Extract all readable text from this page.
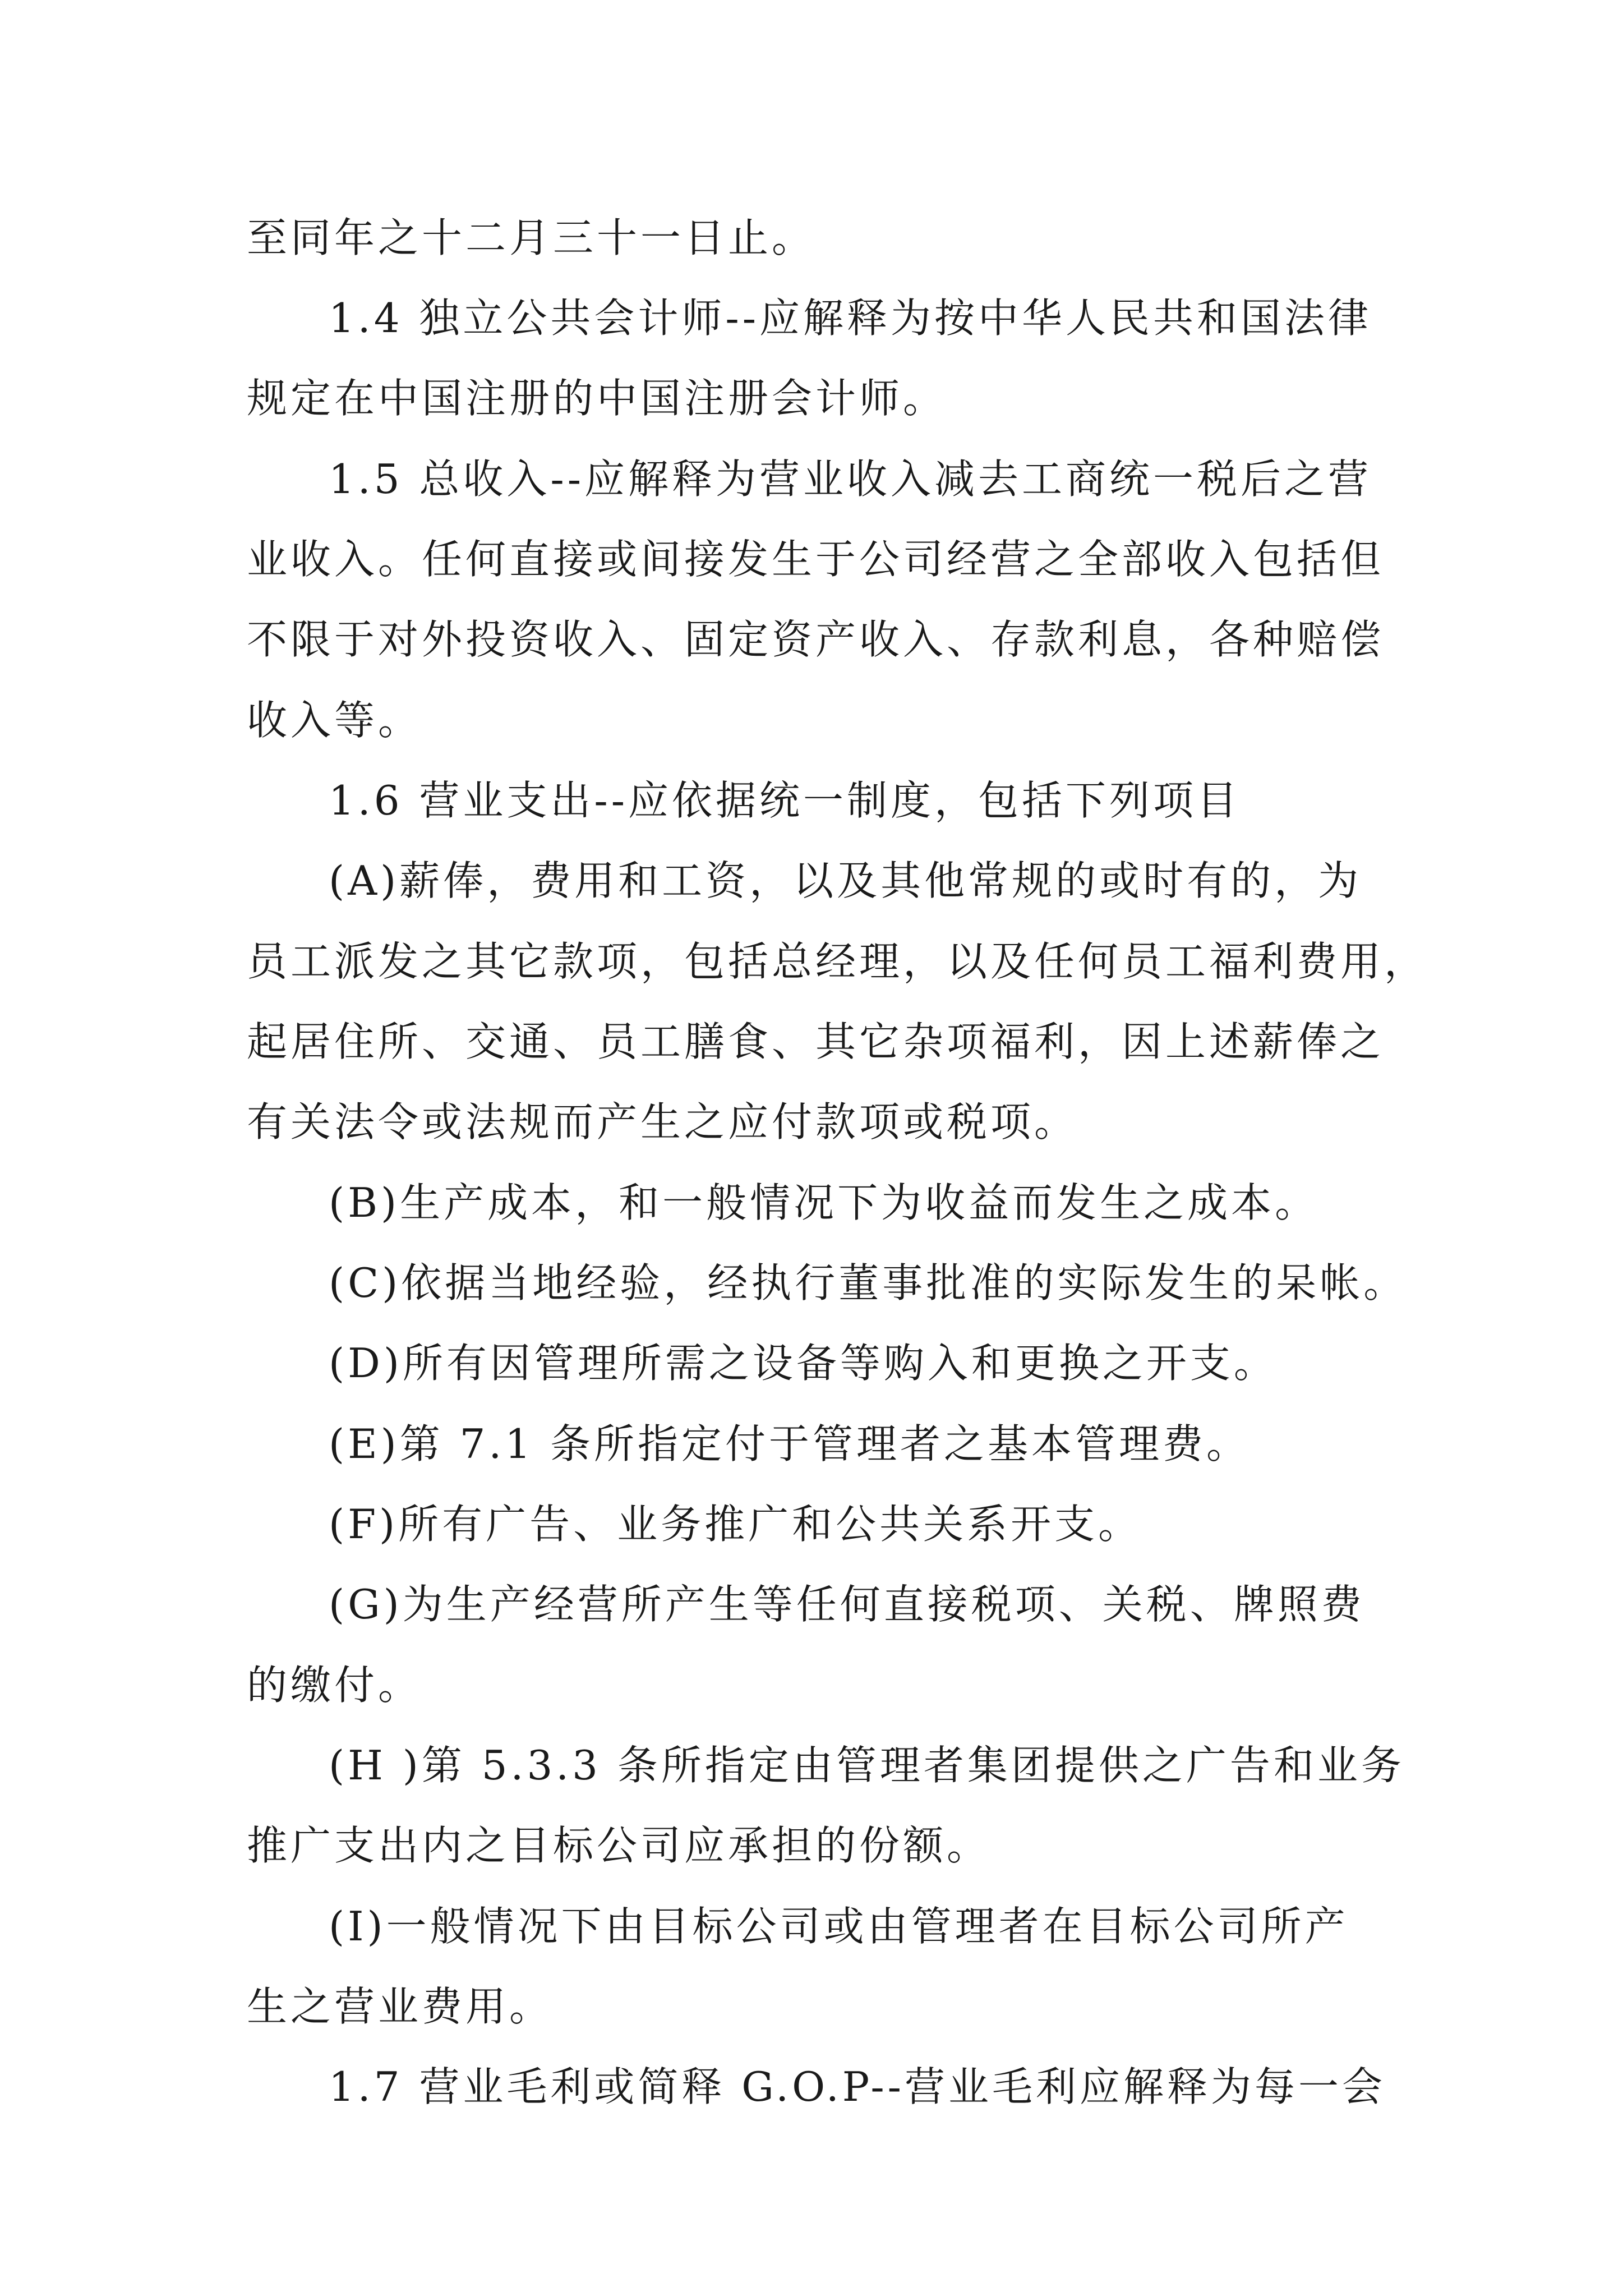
至同年之十二月三十一日止。
1.4 独立公共会计师--应解释为按中华人民共和国法律
规定在中国注册的中国注册会计师。
1.5 总收入--应解释为营业收入减去工商统一税后之营
业收入。任何直接或间接发生于公司经营之全部收入包括但
不限于对外投资收入、固定资产收入、存款利息，各种赔偿
收入等。
1.6 营业支出--应依据统一制度，包括下列项目
(A)薪俸，费用和工资，以及其他常规的或时有的，为
员工派发之其它款项，包括总经理，以及任何员工福利费用，
起居住所、交通、员工膳食、其它杂项福利，因上述薪俸之
有关法令或法规而产生之应付款项或税项。
(B)生产成本，和一般情况下为收益而发生之成本。
(C)依据当地经验，经执行董事批准的实际发生的呆帐。
(D)所有因管理所需之设备等购入和更换之开支。
(E)第 7.1 条所指定付于管理者之基本管理费。
(F)所有广告、业务推广和公共关系开支。
(G)为生产经营所产生等任何直接税项、关税、牌照费
的缴付。
(H )第 5.3.3 条所指定由管理者集团提供之广告和业务
推广支出内之目标公司应承担的份额。
(I)一般情况下由目标公司或由管理者在目标公司所产
生之营业费用。
1.7 营业毛利或简释 G.O.P--营业毛利应解释为每一会
